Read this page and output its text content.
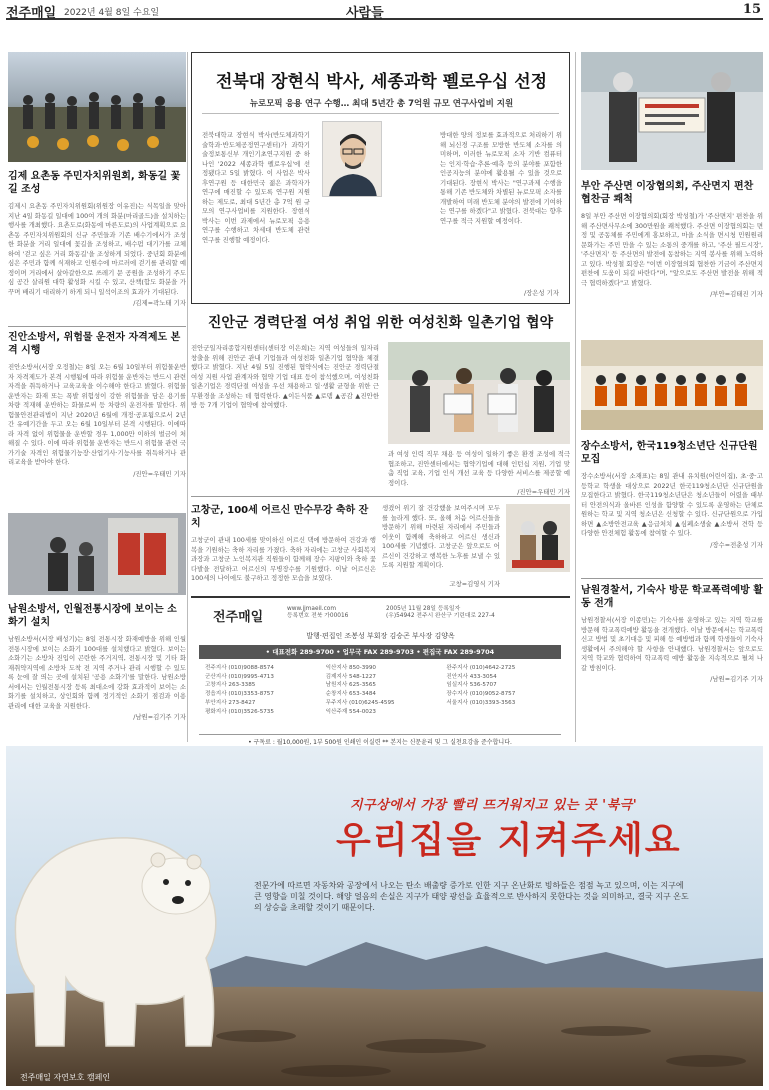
전주매일 2022년 4월 8일 수요일	사람들	15
김제 요촌동 주민자치위원회, 화동길 꽃길 조성
김제시 요촌동 주민자치위원회(위원장 이유진)는 식목일을 맞아 지난 4일 화동길 일대에 100여 개의 화분(마리골드)을 설치하는 행사를 개최했다. 요촌도로(화동에 마른도로)의 사업계획으로 요촌동 주민자치위원회의 신규 주민들과 기존 배수기에서가 조성한 화분을 거리 일대에 꽃길을 조성하고, 배수펌 대기가를 교체하여 '걷고 싶은 거리 화동길'을 조성하게 되었다. 중년회 화분에 심은 주민과 함께 식재하고 인원수에 마르러에 걷기를 관리할 예정이며 거리에서 살아갈한으로 쓰레기 문 공원을 조성하기 주도심 공간 살리원 대학 활성화 시킬 수 있고, 산책(합도 화분을 가꾸며 배리기 대리하기 하게 되니 일석이조의 효과가 기대된다.
/김제=곽노태 기자
진안소방서, 위험물 운전자 자격제도 본격 시행
진안소방서(서장 오정철)는 8일 오는 6월 10일부터 위험물운반자 자격제도가 본격 시행됨에 따라 위험물 운반자는 반드시 관련 자격을 취득하거나 교육교육을 이수해야 한다고 밝혔다. 위험물운반자는 화재 또는 폭발 위험성이 강한 위험물을 담은 용기를 차량 적재해 운반하는 화물로써 등 차량의 운전자를 말한다. 위험물안전관리법이 지난 2020년 6월에 개정·공포됨으로서 2년간 유예기간을 두고 오는 6월 10일부터 본격 시행된다. 이에따라 자격 없이 위험물을 운반할 경우 1,000만 이하의 벌금이 처해질 수 있다. 이에 따라 위험물 운반자는 반드시 위험물 관련 국가기술 자격인 위험물기능장·산업기사·기능사를 취득하거나 관리교육을 받아야 한다.
/진안=우태민 기자
남원소방서, 인월전통시장에 보이는 소화기 설치
남원소방서(서장 배성기)는 8일 전통시장 화재예방을 위해 인월전통시장에 보이는 소화기 100대를 설치했다고 밝혔다. 보이는 소화기는 소방차 진입이 곤란한 주거지역, 전통시장 및 기타 화재취약지역에 소방차 도착 전 지역 주거나 관리 시행할 수 있도록 눈에 잘 띄는 곳에 설치된 '공용 소화기'를 말한다. 남원소방서에서는 인월전통시장 등록 최대소에 강화 효과적이 보이는 소화기를 설치하고, 상인회와 함께 정기적인 소화기 점검과 이용 관리에 대한 교육을 지원한다.
/남원=김기주 기자
전북대 장현식 박사, 세종과학 펠로우십 선정
뉴로모픽 응용 연구 수행… 최대 5년간 총 7억원 규모 연구사업비 지원
전북대학교 장현식 박사(반도체과학기술학과·반도체공정연구센터)가 과학기술정보통신부 개인기초연구지원 중 하나인 '2022 세종과학 펠로우십'에 선정됐다고 5일 밝혔다. 이 사업은 박사후연구원 등 대한민국 젊은 과학자가 연구에 매진할 수 있도록 연구원 지원하는 제도로, 최대 5년간 총 7억 원 규모의 연구사업비를 지원한다. 장현식 박사는 이번 과제에서 뉴로모픽 응용 연구를 수행하고 차세대 반도체 관련 연구를 진행할 예정이다.
방대한 양의 정보를 효과적으로 처리하기 위해 뇌신경 구조를 모방한 반도체 소자를 의미하며, 이러한 뉴로모픽 소자 기반 컴퓨터는 인지·학습·추론·예측 등의 분야를 포함한 인공지능의 분야에 활용될 수 있을 것으로 기대된다. 장현식 박사는 "연구과제 수행을 통해 기존 반도체와 차별된 뉴로모픽 소자를 개발하여 미래 반도체 분야의 발전에 기여하는 연구를 하겠다"고 밝혔다. 전북대는 향후 연구를 적극 지원할 예정이다.
/장은성 기자
진안군 경력단절 여성 취업 위한 여성친화 일촌기업 협약
진안군일자리종합지원센터(센터장 이은희)는 지역 여성들의 일자리 창출을 위해 진안군 관내 기업들과 여성친화 일촌기업 협약을 체결했다고 밝혔다. 지난 4월 5일 진행된 협약식에는 진안군 경력단절 여성 지원 사업 관계자와 협약 기업 대표 등이 참석했으며, 여성친화 일촌기업은 경력단절 여성을 우선 채용하고 일·생활 균형을 위한 근무환경을 조성하는 데 협력한다. ▲이든식품 ▲로뎀 ▲공감 ▲진안한방 등 7개 기업이 협약에 참여했다.
과 여성 인력 직무 채용 등 여성이 일하기 좋은 환경 조성에 적극 협조하고, 진안센터에서는 협약기업에 대해 인턴십 지원, 기업 맞춤 직업 교육, 기업 인식 개선 교육 등 다양한 서비스를 제공할 예정이다.
/진안=우태민 기자
고창군, 100세 어르신 만수무강 축하 잔치
고창군이 관내 100세를 맞이하신 어르신 댁에 방문하여 건강과 행복을 기원하는 축하 자리를 가졌다. 축하 자리에는 고창군 사회복지과장과 고창군 노인복지관 직원들이 함께해 장수 지팡이와 축하 꽃다발을 전달하고 어르신의 무병장수를 기원했다. 이날 어르신은 100세의 나이에도 불구하고 정정한 모습을 보였다.
생겼어 위기 잘 건강했을 보여주시며 모두를 놀라게 했다. 또, 올해 처음 어르신들을 방문하기 위해 마련된 자리에서 주민들과 이웃이 함께해 축하하고 어르신 생신과 100세를 기념했다. 고창군은 앞으로도 어르신이 건강하고 행복한 노후를 보낼 수 있도록 지원할 계획이다.
고창=김영식 기자
전주매일
www.jjmaeil.com
등록번호 전북 가00016
2005년 11월 28일 등록일자
(우)54942 전주시 완산구 기린대로 227-4
발행·편집인 조봉성 부회장 김승곤 부사장 김양옥
• 대표전화 289-9700 • 업무국 FAX 289-9703 • 편집국 FAX 289-9704
전주지사 (010)9088-8574	익산지사 850-3990	완주지사 (010)4642-2725
군산지사 (010)9995-4713	김제지사 548-1227	진안지사 433-3054
고창지사 263-3385	남원지사 625-3565	임실지사 536-5707
정읍지사 (010)3353-8757	순창지사 653-3484	장수지사 (010)9052-8757
부안지사 273-8427	무주지사 (010)6245-4595	서울지사 (010)3393-3563
평화지사 (010)3526-5735	익산주재 554-0023
• 구독료 : 월10,000원, 1부 500원 인쇄인 이실련 ** 본지는 신문윤리 및 그 실천요강을 준수합니다.
부안 주산면 이장협의회, 주산면지 편찬 협찬금 쾌척
8일 부안 주산면 이장협의회(회장 박성철)가 '주산면지' 편찬을 위해 주산면사무소에 300만원을 쾌척했다. 주산면 이장협의회는 면정 및 공동체를 주민에게 홍보하고, 마을 소식을 면시청 민원원리 문화가는 주민 만을 수 있는 소통의 중개를 하고, '주산 필드시장', '주산면지' 등 주산면의 발전에 동참하는 지역 봉사를 위해 노력하고 있다. 박성철 회장은 "이번 이장협의회 협찬한 기금이 주산면지 편찬에 도움이 되길 바란다"며, "앞으로도 주산면 발전을 위해 적극 협력하겠다"고 밝혔다.
/부안=김태진 기자
장수소방서, 한국119청소년단 신규단원 모집
장수소방서(서장 소재표)는 8일 관내 유치원(어린이집), 초·중·고등학교 학생을 대상으로 2022년 한국119청소년단 신규단원을 모집한다고 밝혔다. 한국119청소년단은 청소년들이 어렸을 때부터 안전의식과 올바른 인성을 함양할 수 있도록 운영하는 단체로 원하는 학교 및 지역 청소년은 신청할 수 있다. 신규단원으로 가입하면 ▲소방안전교육 ▲응급처치 ▲심폐소생술 ▲소방서 견학 등 다양한 안전체험 활동에 참여할 수 있다.
/장수=전춘성 기자
남원경찰서, 기숙사 방문 학교폭력예방 활동 전개
남원경찰서(서장 이종민)는 기숙사를 운영하고 있는 지역 학교를 방문해 학교폭력예방 활동을 전개했다. 이날 방문에서는 학교폭력 신고 방법 및 초기대응 및 피해 등 예방법과 함께 학생들이 기숙사 생활에서 주의해야 할 사항을 안내했다. 남원경찰서는 앞으로도 지역 학교와 협력하여 학교폭력 예방 활동을 지속적으로 펼쳐 나갈 방침이다.
/남원=김기주 기자
지구상에서 가장 빨리 뜨거워지고 있는 곳 '북극'
우리집을 지켜주세요
전문가에 따르면 자동차와 공장에서 나오는 탄소 배출량 증가로 인한 지구 온난화로 빙하들은 점점 녹고 있으며, 이는 지구에 큰 영향을 미칠 것이다. 해양 얼음의 손실은 지구가 태양 광선을 효율적으로 반사하지 못한다는 것을 의미하고, 결국 지구 온도의 상승을 초래할 것이기 때문이다.
전주매일 자연보호 캠페인
